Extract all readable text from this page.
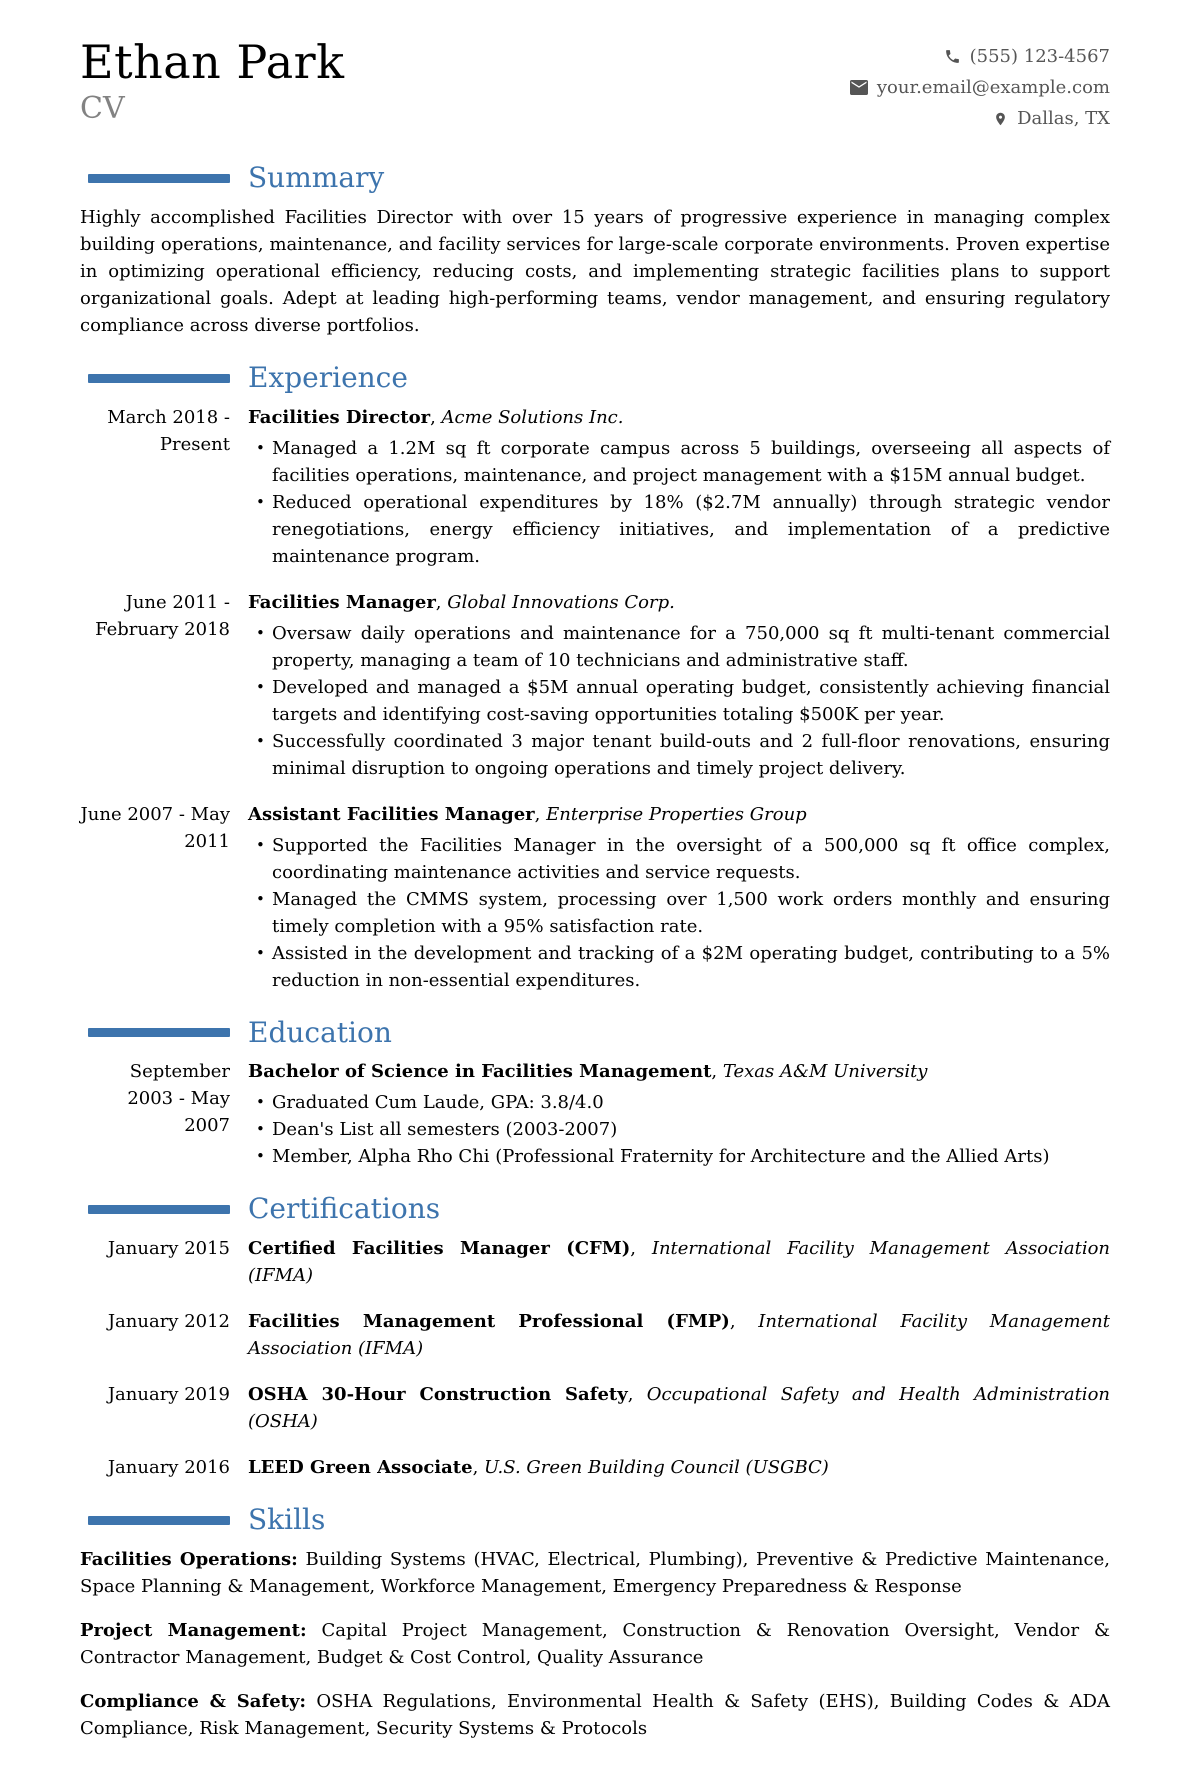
Ethan Park
CV
(555) 123-4567
your.email@example.com
Dallas, TX
Summary

Highly accomplished Facilities Director with over 15 years of progressive experience in managing complex building operations, maintenance, and facility services for large-scale corporate environments. Proven expertise in optimizing operational efficiency, reducing costs, and implementing strategic facilities plans to support organizational goals. Adept at leading high-performing teams, vendor management, and ensuring regulatory compliance across diverse portfolios.

Experience
March 2018 - Present

Facilities Director, Acme Solutions Inc.

• Managed a 1.2M sq ft corporate campus across 5 buildings, overseeing all aspects of facilities operations, maintenance, and project management with a $15M annual budget.
• Reduced operational expenditures by 18% ($2.7M annually) through strategic vendor renegotiations, energy efficiency initiatives, and implementation of a predictive maintenance program.
June 2011 - February 2018

Facilities Manager, Global Innovations Corp.

• Oversaw daily operations and maintenance for a 750,000 sq ft multi-tenant commercial property, managing a team of 10 technicians and administrative staff.
• Developed and managed a $5M annual operating budget, consistently achieving financial targets and identifying cost-saving opportunities totaling $500K per year.
• Successfully coordinated 3 major tenant build-outs and 2 full-floor renovations, ensuring minimal disruption to ongoing operations and timely project delivery.
June 2007 - May 2011

Assistant Facilities Manager, Enterprise Properties Group

• Supported the Facilities Manager in the oversight of a 500,000 sq ft office complex, coordinating maintenance activities and service requests.
• Managed the CMMS system, processing over 1,500 work orders monthly and ensuring timely completion with a 95% satisfaction rate.
• Assisted in the development and tracking of a $2M operating budget, contributing to a 5% reduction in non-essential expenditures.
Education
September 2003 - May 2007

Bachelor of Science in Facilities Management, Texas A&M University

• Graduated Cum Laude, GPA: 3.8/4.0
• Dean's List all semesters (2003-2007)
• Member, Alpha Rho Chi (Professional Fraternity for Architecture and the Allied Arts)
Certifications
January 2015 Certified Facilities Manager (CFM), International Facility Management Association (IFMA)

January 2012 Facilities Management Professional (FMP), International Facility Management Association (IFMA)

January 2019 OSHA 30-Hour Construction Safety, Occupational Safety and Health Administration (OSHA)

January 2016 LEED Green Associate, U.S. Green Building Council (USGBC)

Skills

Facilities Operations: Building Systems (HVAC, Electrical, Plumbing), Preventive & Predictive Maintenance, Space Planning & Management, Workforce Management, Emergency Preparedness & Response

Project Management: Capital Project Management, Construction & Renovation Oversight, Vendor & Contractor Management, Budget & Cost Control, Quality Assurance

Compliance & Safety: OSHA Regulations, Environmental Health & Safety (EHS), Building Codes & ADA Compliance, Risk Management, Security Systems & Protocols
